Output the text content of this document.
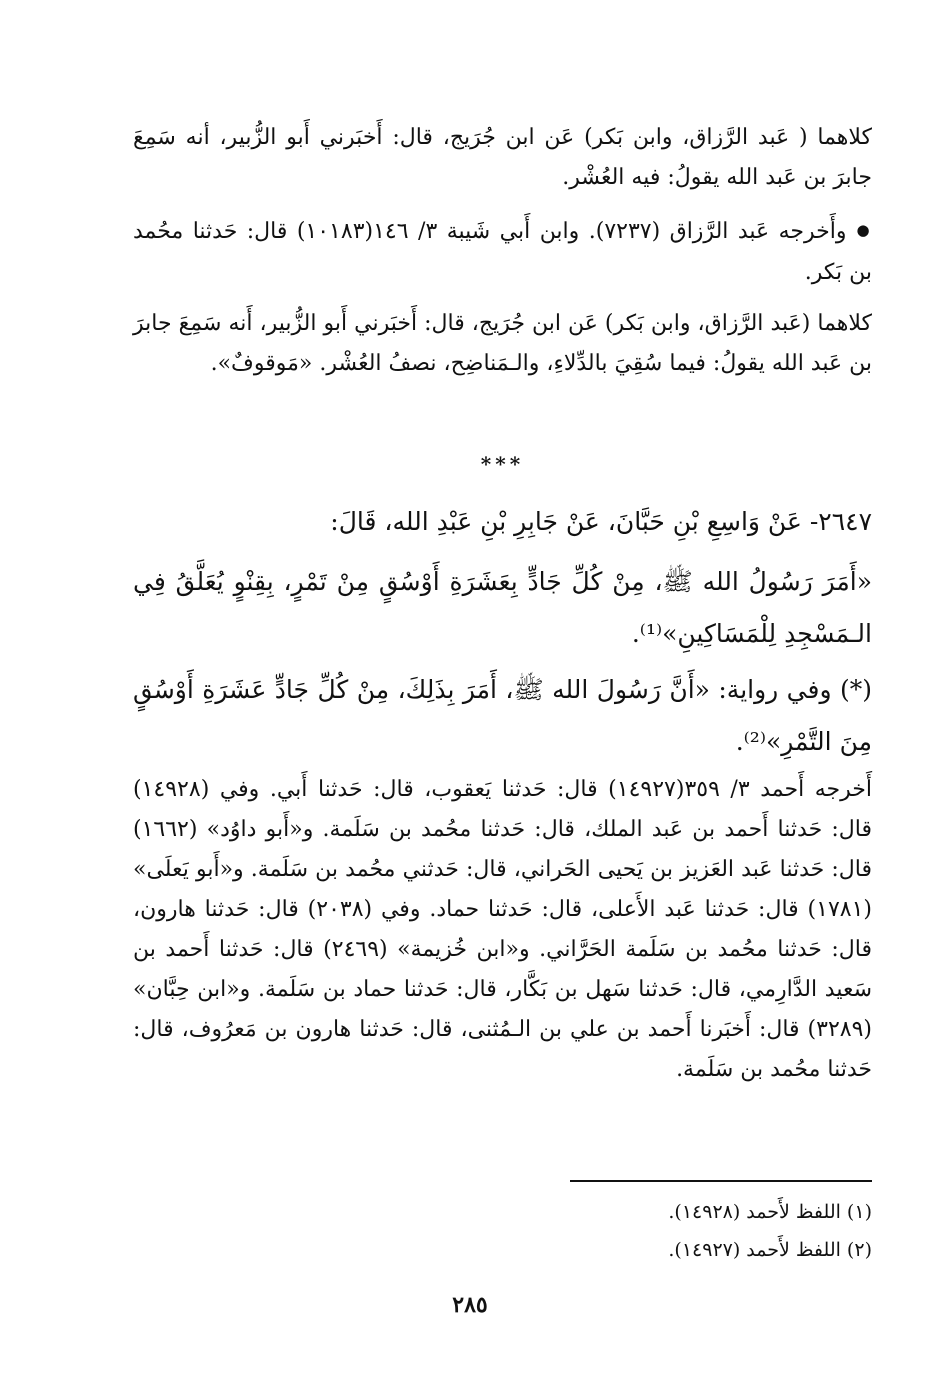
كلاهما ( عَبد الرَّزاق، وابن بَكر) عَن ابن جُرَيج، قال: أَخبَرني أَبو الزُّبير، أنه سَمِعَ جابرَ بن عَبد الله يقولُ: فيه العُشْر.
● وأَخرجه عَبد الرَّزاق (٧٢٣٧). وابن أَبي شَيبة ٣/ ١٤٦(١٠١٨٣) قال: حَدثنا محُمد بن بَكر.
كلاهما (عَبد الرَّزاق، وابن بَكر) عَن ابن جُرَيج، قال: أَخبَرني أَبو الزُّبير، أَنه سَمِعَ جابرَ بن عَبد الله يقولُ: فيما سُقِيَ بالدِّلاءِ، والـمَناضِح، نصفُ العُشْر. «مَوقوفٌ».
***
٢٦٤٧- عَنْ وَاسِعِ بْنِ حَبَّانَ، عَنْ جَابِرِ بْنِ عَبْدِ الله، قَالَ:
«أَمَرَ رَسُولُ الله ﷺ، مِنْ كُلِّ جَادٍّ بِعَشَرَةِ أَوْسُقٍ مِنْ تَمْرٍ، بِقِنْوٍ يُعَلَّقُ فِي الـمَسْجِدِ لِلْمَسَاكِينِ»⁽¹⁾.
(*) وفي رواية: «أَنَّ رَسُولَ الله ﷺ، أَمَرَ بِذَلِكَ، مِنْ كُلِّ جَادٍّ عَشَرَةِ أَوْسُقٍ مِنَ التَّمْرِ»⁽²⁾.
أَخرجه أَحمد ٣/ ٣٥٩(١٤٩٢٧) قال: حَدثنا يَعقوب، قال: حَدثنا أَبي. وفي (١٤٩٢٨) قال: حَدثنا أَحمد بن عَبد الملك، قال: حَدثنا محُمد بن سَلَمة. و«أَبو داوُد» (١٦٦٢) قال: حَدثنا عَبد العَزيز بن يَحيى الحَراني، قال: حَدثني محُمد بن سَلَمة. و«أَبو يَعلَى» (١٧٨١) قال: حَدثنا عَبد الأَعلى، قال: حَدثنا حماد. وفي (٢٠٣٨) قال: حَدثنا هارون، قال: حَدثنا محُمد بن سَلَمة الحَرَّاني. و«ابن خُزيمة» (٢٤٦٩) قال: حَدثنا أَحمد بن سَعيد الدَّارِمي، قال: حَدثنا سَهل بن بَكَّار، قال: حَدثنا حماد بن سَلَمة. و«ابن حِبَّان» (٣٢٨٩) قال: أَخبَرنا أَحمد بن علي بن الـمُثنى، قال: حَدثنا هارون بن مَعرُوف، قال: حَدثنا محُمد بن سَلَمة.
(١) اللفظ لأَحمد (١٤٩٢٨).
(٢) اللفظ لأَحمد (١٤٩٢٧).
٢٨٥
